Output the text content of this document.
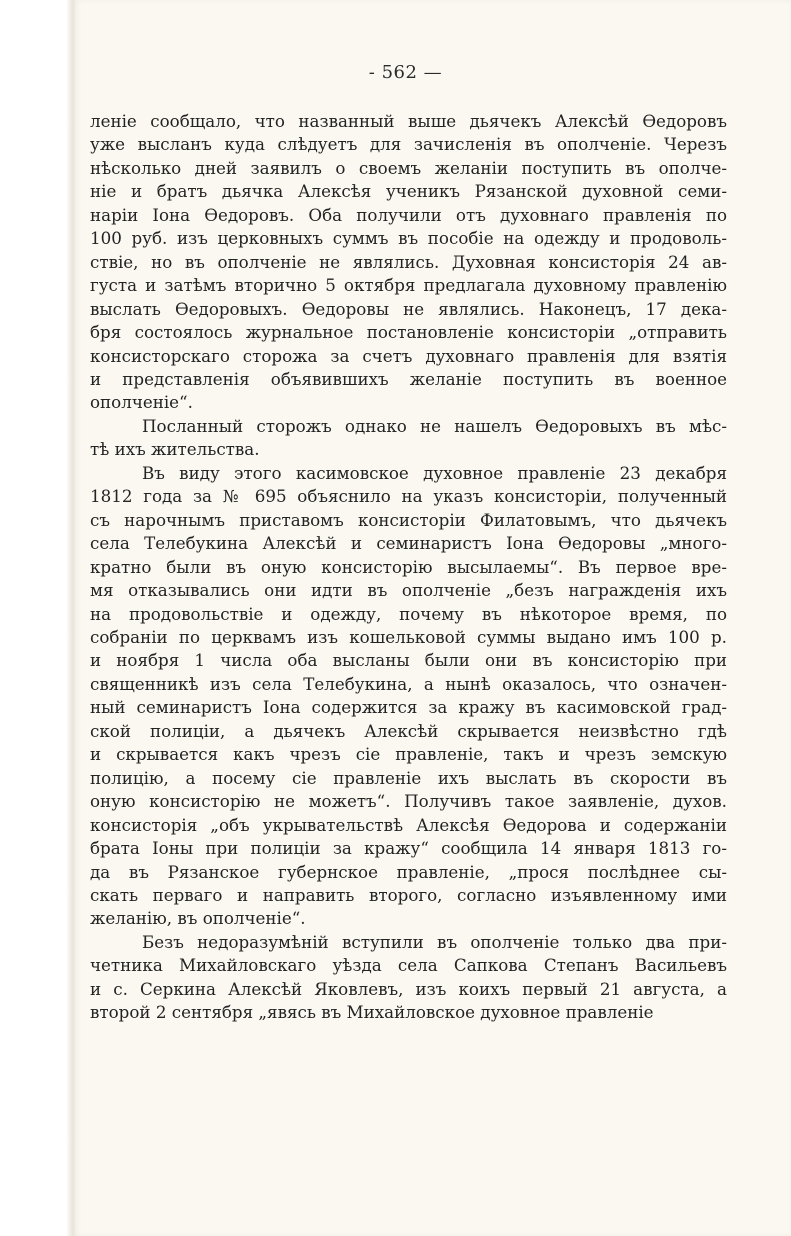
- 562 —

леніе сообщало, что названный выше дьячекъ Алексѣй Ѳедоровъ
уже высланъ куда слѣдуетъ для зачисленія въ ополченіе. Черезъ
нѣсколько дней заявилъ о своемъ желаніи поступить въ ополче-
ніе и братъ дьячка Алексѣя ученикъ Рязанской духовной семи-
наріи Іона Ѳедоровъ. Оба получили отъ духовнаго правленія по
100 руб. изъ церковныхъ суммъ въ пособіе на одежду и продоволь-
ствіе, но въ ополченіе не являлись. Духовная консисторія 24 ав-
густа и затѣмъ вторично 5 октября предлагала духовному правленію
выслать Ѳедоровыхъ. Ѳедоровы не являлись. Наконецъ, 17 дека-
бря состоялось журнальное постановленіе консисторіи „отправить
консисторскаго сторожа за счетъ духовнаго правленія для взятія
и представленія объявившихъ желаніе поступить въ военное
ополченіе“.

Посланный сторожъ однако не нашелъ Ѳедоровыхъ въ мѣс-
тѣ ихъ жительства.

Въ виду этого касимовское духовное правленіе 23 декабря
1812 года за № 695 объяснило на указъ консисторіи, полученный
съ нарочнымъ приставомъ консисторіи Филатовымъ, что дьячекъ
села Телебукина Алексѣй и семинаристъ Іона Ѳедоровы „много-
кратно были въ оную консисторію высылаемы“. Въ первое вре-
мя отказывались они идти въ ополченіе „безъ награжденія ихъ
на продовольствіе и одежду, почему въ нѣкоторое время, по
собраніи по церквамъ изъ кошельковой суммы выдано имъ 100 р.
и ноября 1 числа оба высланы были они въ консисторію при
священникѣ изъ села Телебукина, а нынѣ оказалось, что означен-
ный семинаристъ Іона содержится за кражу въ касимовской град-
ской полиціи, а дьячекъ Алексѣй скрывается неизвѣстно гдѣ
и скрывается какъ чрезъ сіе правленіе, такъ и чрезъ земскую
полицію, а посему сіе правленіе ихъ выслать въ скорости въ
оную консисторію не можетъ“. Получивъ такое заявленіе, духов.
консисторія „объ укрывательствѣ Алексѣя Ѳедорова и содержаніи
брата Іоны при полиціи за кражу“ сообщила 14 января 1813 го-
да въ Рязанское губернское правленіе, „прося послѣднее сы-
скать перваго и направить второго, согласно изъявленному ими
желанію, въ ополченіе“.

Безъ недоразумѣній вступили въ ополченіе только два при-
четника Михайловскаго уѣзда села Сапкова Степанъ Васильевъ
и с. Серкина Алексѣй Яковлевъ, изъ коихъ первый 21 августа, а
второй 2 сентября „явясь въ Михайловское духовное правленіе
